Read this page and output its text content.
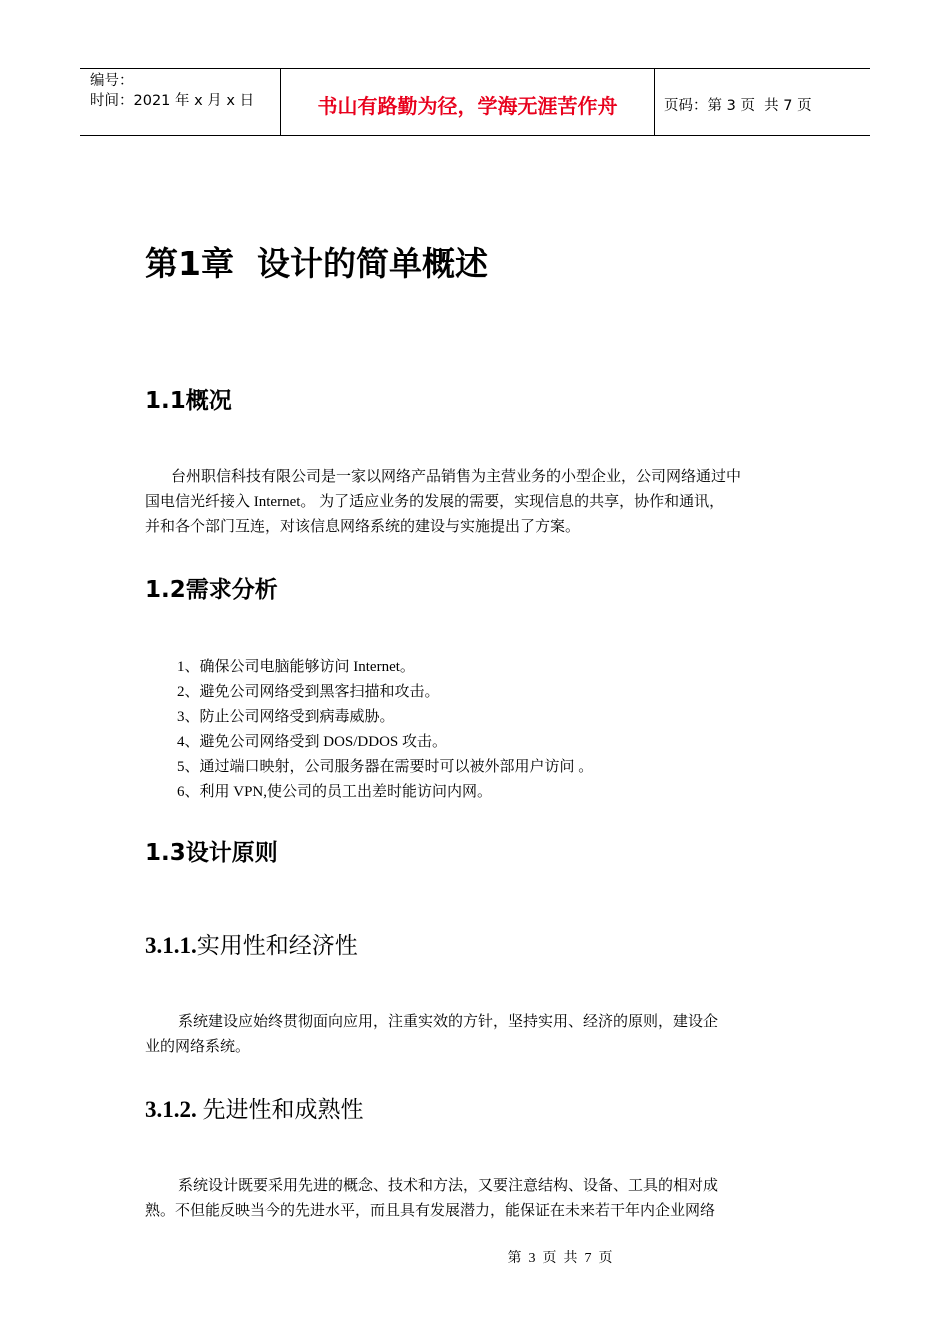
编号：
时间：2021 年 x 月 x 日	书山有路勤为径，学海无涯苦作舟	页码：第 3 页  共 7 页
第1章  设计的简单概述
1.1概况
台州职信科技有限公司是一家以网络产品销售为主营业务的小型企业，公司网络通过中
国电信光纤接入 Internet。 为了适应业务的发展的需要，实现信息的共享，协作和通讯，
并和各个部门互连，对该信息网络系统的建设与实施提出了方案。
1.2需求分析
1、确保公司电脑能够访问 Internet。
2、避免公司网络受到黑客扫描和攻击。
3、防止公司网络受到病毒威胁。
4、避免公司网络受到 DOS/DDOS 攻击。
5、通过端口映射，公司服务器在需要时可以被外部用户访问 。
6、利用 VPN,使公司的员工出差时能访问内网。
1.3设计原则
3.1.1.实用性和经济性
系统建设应始终贯彻面向应用，注重实效的方针，坚持实用、经济的原则，建设企
业的网络系统。
3.1.2. 先进性和成熟性
系统设计既要采用先进的概念、技术和方法，又要注意结构、设备、工具的相对成
熟。不但能反映当今的先进水平，而且具有发展潜力，能保证在未来若干年内企业网络
第  3  页  共  7  页
